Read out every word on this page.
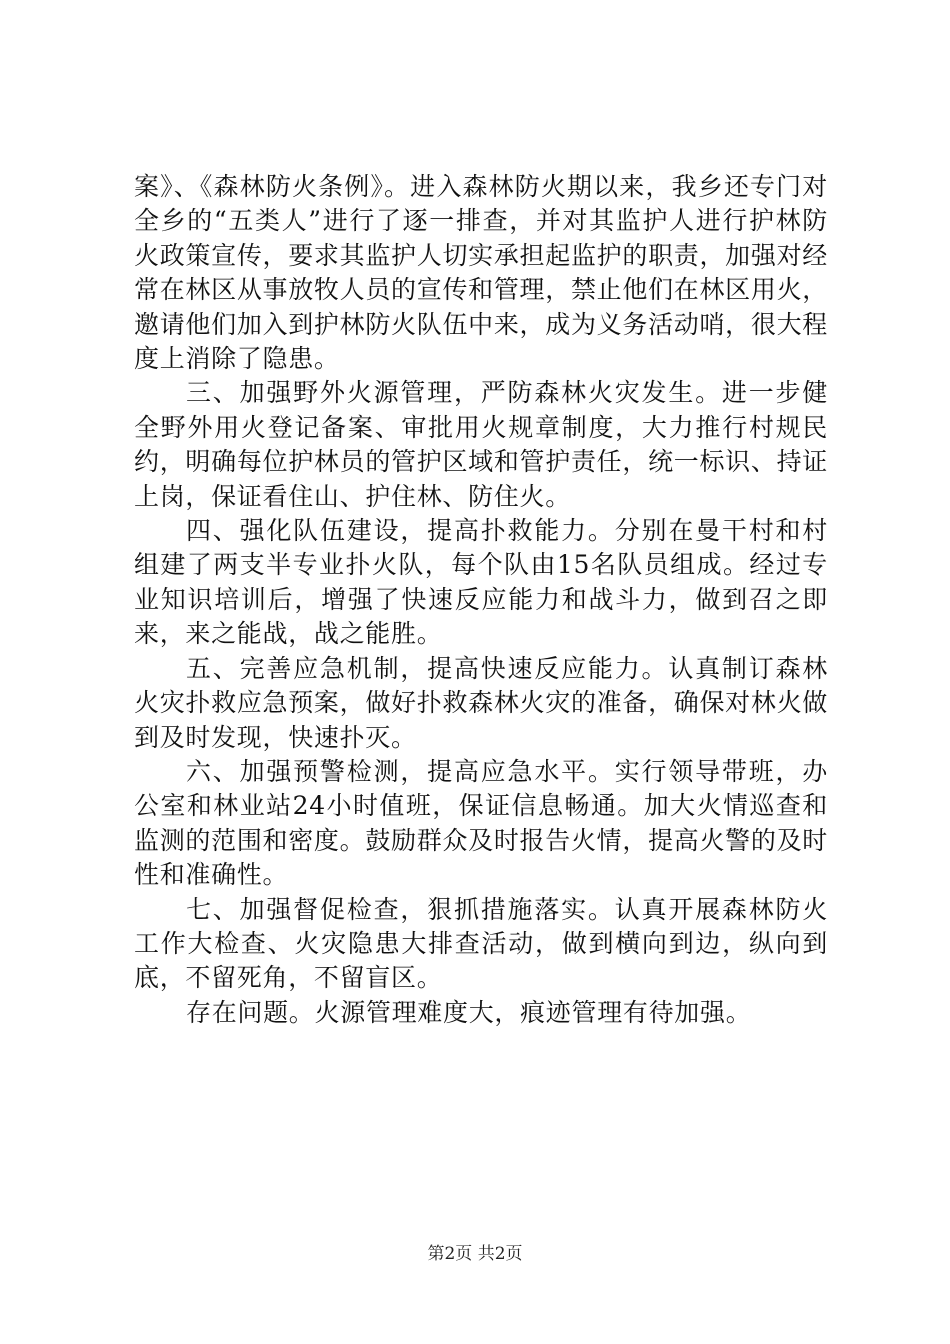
案》、《森林防火条例》。进入森林防火期以来，我乡还专门对全乡的“五类人”进行了逐一排查，并对其监护人进行护林防火政策宣传，要求其监护人切实承担起监护的职责，加强对经常在林区从事放牧人员的宣传和管理，禁止他们在林区用火，邀请他们加入到护林防火队伍中来，成为义务活动哨，很大程度上消除了隐患。

三、加强野外火源管理，严防森林火灾发生。进一步健全野外用火登记备案、审批用火规章制度，大力推行村规民约，明确每位护林员的管护区域和管护责任，统一标识、持证上岗，保证看住山、护住林、防住火。

四、强化队伍建设，提高扑救能力。分别在曼干村和村组建了两支半专业扑火队，每个队由15名队员组成。经过专业知识培训后，增强了快速反应能力和战斗力，做到召之即来，来之能战，战之能胜。

五、完善应急机制，提高快速反应能力。认真制订森林火灾扑救应急预案，做好扑救森林火灾的准备，确保对林火做到及时发现，快速扑灭。

六、加强预警检测，提高应急水平。实行领导带班，办公室和林业站24小时值班，保证信息畅通。加大火情巡查和监测的范围和密度。鼓励群众及时报告火情，提高火警的及时性和准确性。

七、加强督促检查，狠抓措施落实。认真开展森林防火工作大检查、火灾隐患大排查活动，做到横向到边，纵向到底，不留死角，不留盲区。

存在问题。火源管理难度大，痕迹管理有待加强。

第2页 共2页
